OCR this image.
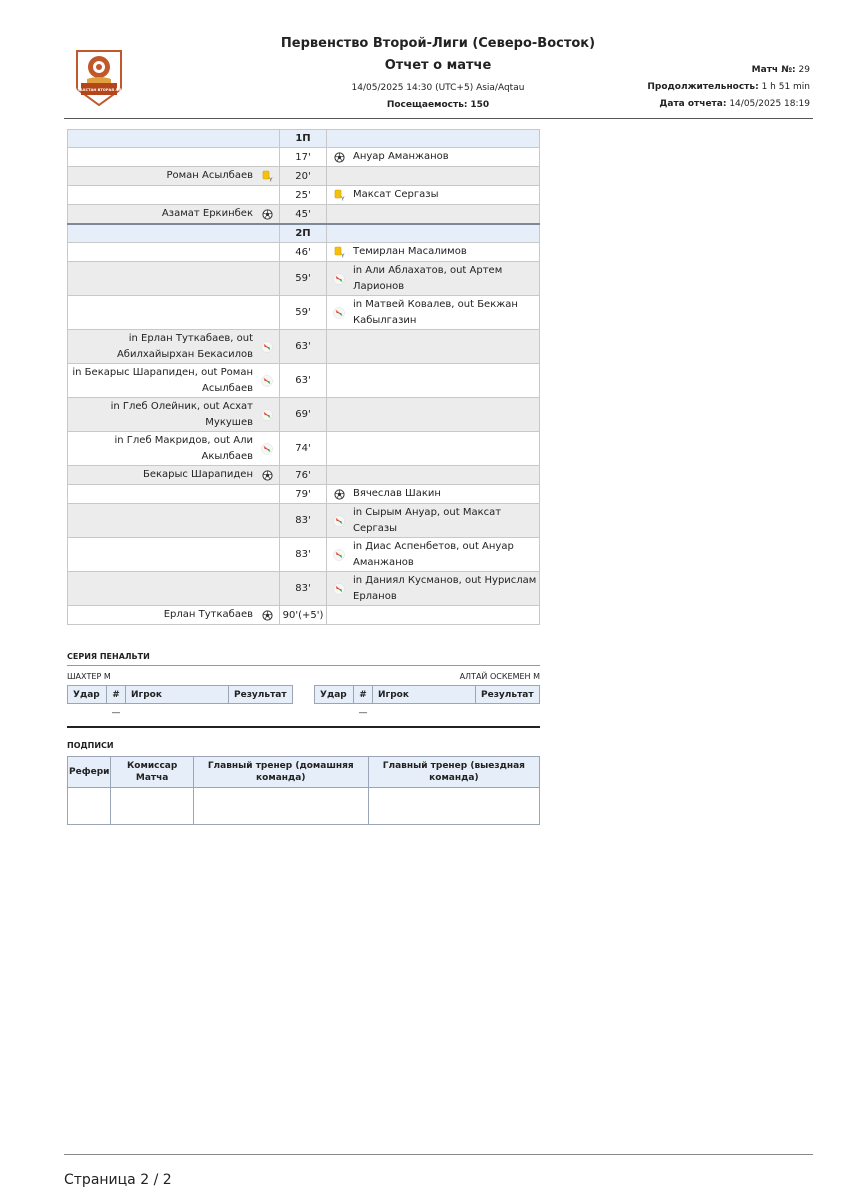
КАЗАХСТАН ВТОРАЯ ЛИГА
Первенство Второй-Лиги (Северо-Восток)
Отчет о матче
14/05/2025 14:30 (UTC+5) Asia/Aqtau
Посещаемость: 150
Матч №: 29
Продолжительность: 1 h 51 min
Дата отчета: 14/05/2025 18:19
	1П	
	17'	Ануар Аманжанов

Роман Асылбаев Y	20'	
	25'	Y Максат Сергазы

Азамат Еркинбек	45'	
	2П	
	46'	Y Темирлан Масалимов

	59'	in Али Аблахатов, out Артем Ларионов

	59'	in Матвей Ковалев, out Бекжан Кабылгазин

in Ерлан Туткабаев, out Абилхайырхан Бекасилов	63'	

in Бекарыс Шарапиден, out Роман Асылбаев	63'	

in Глеб Олейник, out Асхат Мукушев	69'	

in Глеб Макридов, out Али Акылбаев	74'	

Бекарыс Шарапиден	76'	
	79'	Вячеслав Шакин

	83'	in Сырым Ануар, out Максат Сергазы

	83'	in Диас Аспенбетов, out Ануар Аманжанов

	83'	in Даниял Кусманов, out Нурислам Ерланов

Ерлан Туткабаев	90'(+5')	
СЕРИЯ ПЕНАЛЬТИ
ШАХТЕР М	АЛТАЙ ОСКЕМЕН М
Удар	#	Игрок	Результат
	—		
Удар	#	Игрок	Результат
	—		
ПОДПИСИ
Рефери	Комиссар Матча	Главный тренер (домашняя команда)	Главный тренер (выездная команда)

Страница 2 / 2
